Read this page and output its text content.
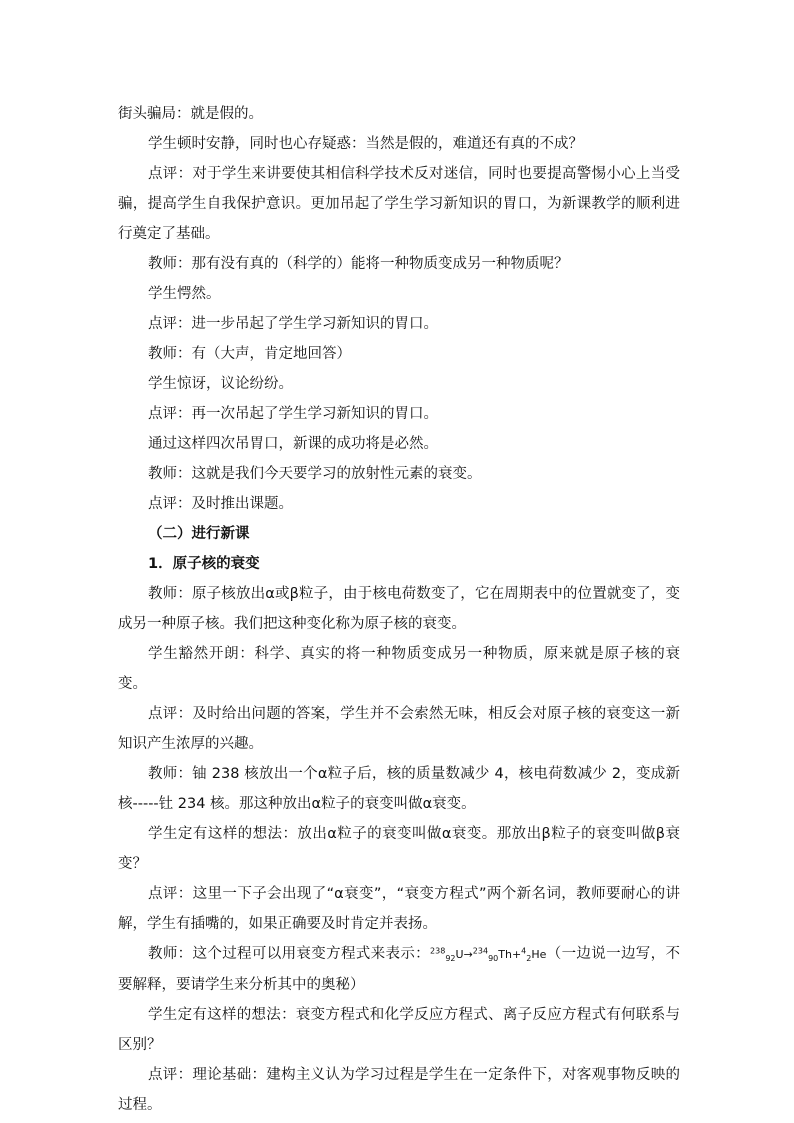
街头骗局：就是假的。

学生顿时安静，同时也心存疑惑：当然是假的，难道还有真的不成？

点评：对于学生来讲要使其相信科学技术反对迷信，同时也要提高警惕小心上当受骗，提高学生自我保护意识。更加吊起了学生学习新知识的胃口，为新课教学的顺利进行奠定了基础。

教师：那有没有真的（科学的）能将一种物质变成另一种物质呢？

学生愕然。

点评：进一步吊起了学生学习新知识的胃口。

教师：有（大声，肯定地回答）

学生惊讶，议论纷纷。

点评：再一次吊起了学生学习新知识的胃口。

通过这样四次吊胃口，新课的成功将是必然。

教师：这就是我们今天要学习的放射性元素的衰变。

点评：及时推出课题。

（二）进行新课

1．原子核的衰变

教师：原子核放出α或β粒子，由于核电荷数变了，它在周期表中的位置就变了，变成另一种原子核。我们把这种变化称为原子核的衰变。

学生豁然开朗：科学、真实的将一种物质变成另一种物质，原来就是原子核的衰变。

点评：及时给出问题的答案，学生并不会索然无味，相反会对原子核的衰变这一新知识产生浓厚的兴趣。

教师：铀 238 核放出一个α粒子后，核的质量数减少 4，核电荷数减少 2，变成新核-----钍 234 核。那这种放出α粒子的衰变叫做α衰变。

学生定有这样的想法：放出α粒子的衰变叫做α衰变。那放出β粒子的衰变叫做β衰变？

点评：这里一下子会出现了“α衰变”，“衰变方程式”两个新名词，教师要耐心的讲解，学生有插嘴的，如果正确要及时肯定并表扬。

教师：这个过程可以用衰变方程式来表示：$^{238}_{92}$U→$^{234}_{90}$Th+$^4_2$He（一边说一边写，不要解释，要请学生来分析其中的奥秘）

学生定有这样的想法：衰变方程式和化学反应方程式、离子反应方程式有何联系与区别？

点评：理论基础：建构主义认为学习过程是学生在一定条件下，对客观事物反映的过程。
